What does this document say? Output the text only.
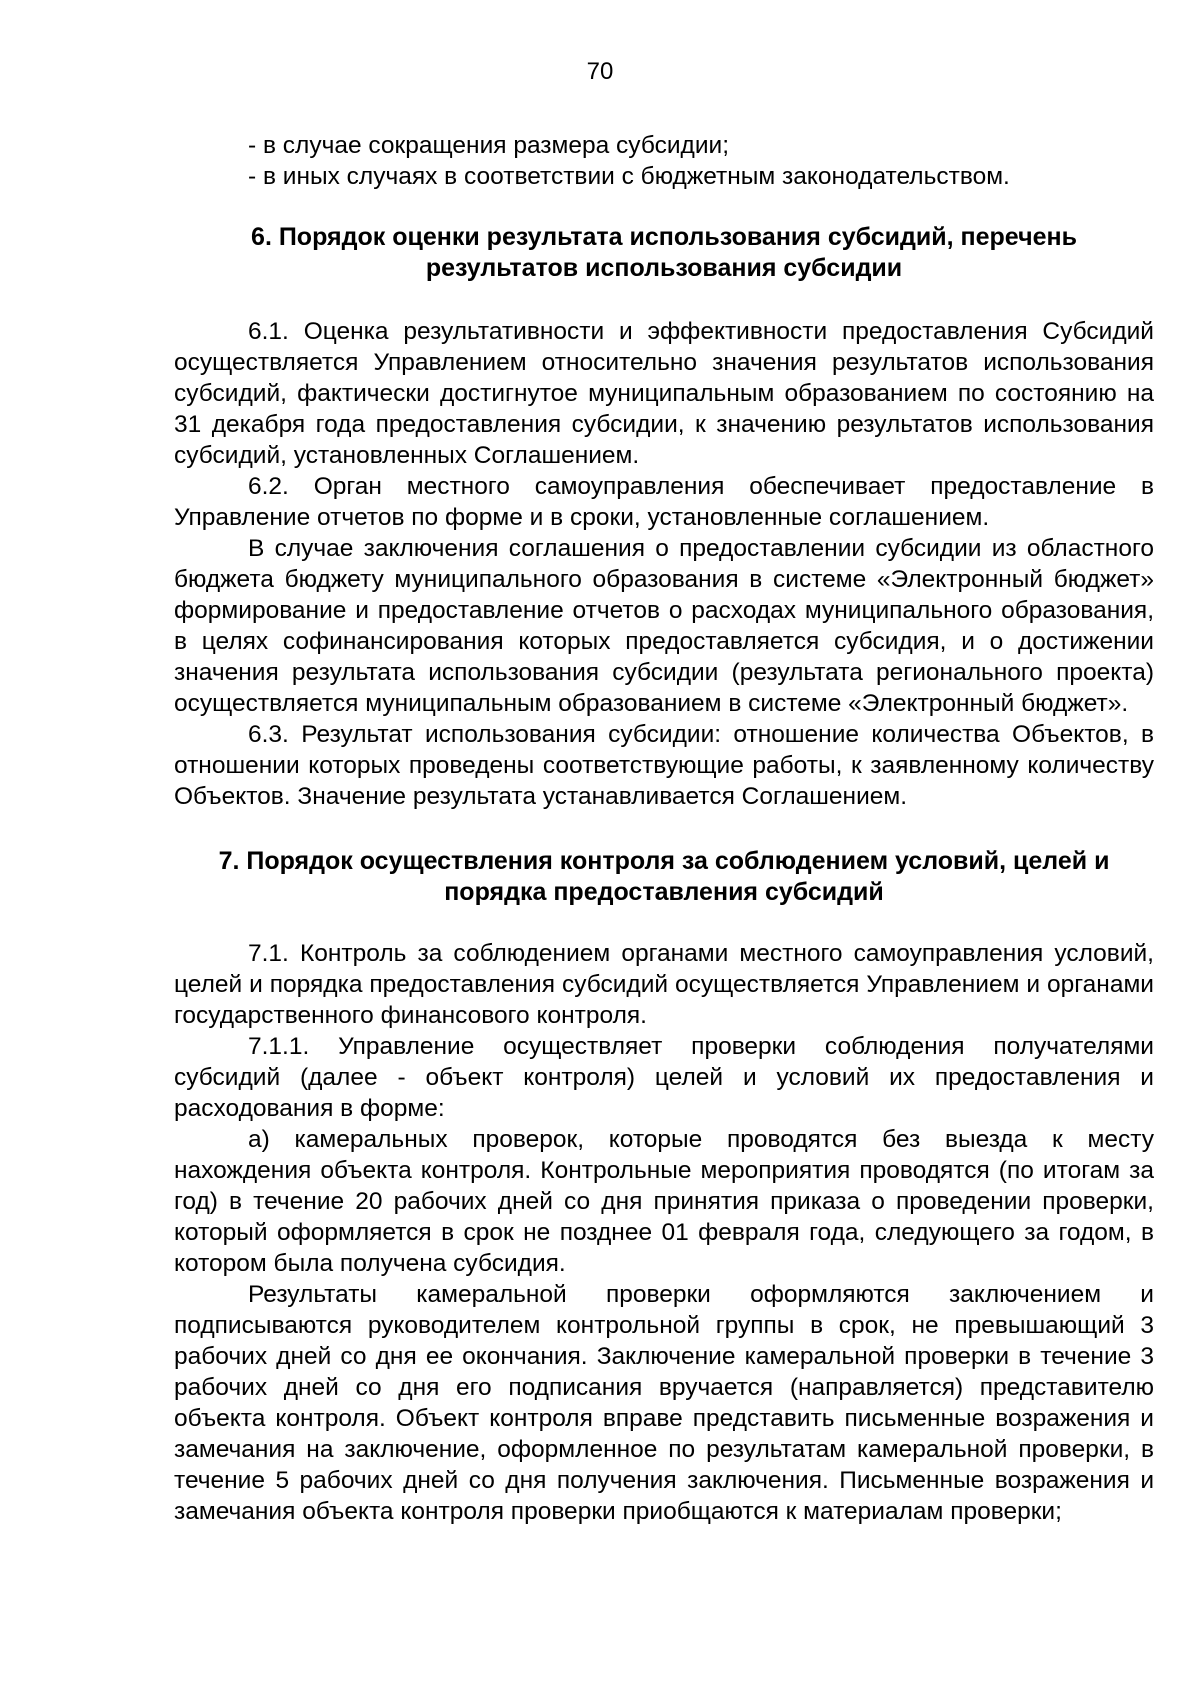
70

- в случае сокращения размера субсидии;

- в иных случаях в соответствии с бюджетным законодательством.

6. Порядок оценки результата использования субсидий, перечень результатов использования субсидии

6.1. Оценка результативности и эффективности предоставления Субсидий осуществляется Управлением относительно значения результатов использования субсидий, фактически достигнутое муниципальным образованием по состоянию на 31 декабря года предоставления субсидии, к значению результатов использования субсидий, установленных Соглашением.

6.2. Орган местного самоуправления обеспечивает предоставление в Управление отчетов по форме и в сроки, установленные соглашением.

В случае заключения соглашения о предоставлении субсидии из областного бюджета бюджету муниципального образования в системе «Электронный бюджет» формирование и предоставление отчетов о расходах муниципального образования, в целях софинансирования которых предоставляется субсидия, и о достижении значения результата использования субсидии (результата регионального проекта) осуществляется муниципальным образованием в системе «Электронный бюджет».

6.3. Результат использования субсидии: отношение количества Объектов, в отношении которых проведены соответствующие работы, к заявленному количеству Объектов. Значение результата устанавливается Соглашением.

7. Порядок осуществления контроля за соблюдением условий, целей и порядка предоставления субсидий

7.1. Контроль за соблюдением органами местного самоуправления условий, целей и порядка предоставления субсидий осуществляется Управлением и органами государственного финансового контроля.

7.1.1. Управление осуществляет проверки соблюдения получателями субсидий (далее - объект контроля) целей и условий их предоставления и расходования в форме:

а) камеральных проверок, которые проводятся без выезда к месту нахождения объекта контроля. Контрольные мероприятия проводятся (по итогам за год) в течение 20 рабочих дней со дня принятия приказа о проведении проверки, который оформляется в срок не позднее 01 февраля года, следующего за годом, в котором была получена субсидия.

Результаты камеральной проверки оформляются заключением и подписываются руководителем контрольной группы в срок, не превышающий 3 рабочих дней со дня ее окончания. Заключение камеральной проверки в течение 3 рабочих дней со дня его подписания вручается (направляется) представителю объекта контроля. Объект контроля вправе представить письменные возражения и замечания на заключение, оформленное по результатам камеральной проверки, в течение 5 рабочих дней со дня получения заключения. Письменные возражения и замечания объекта контроля проверки приобщаются к материалам проверки;
